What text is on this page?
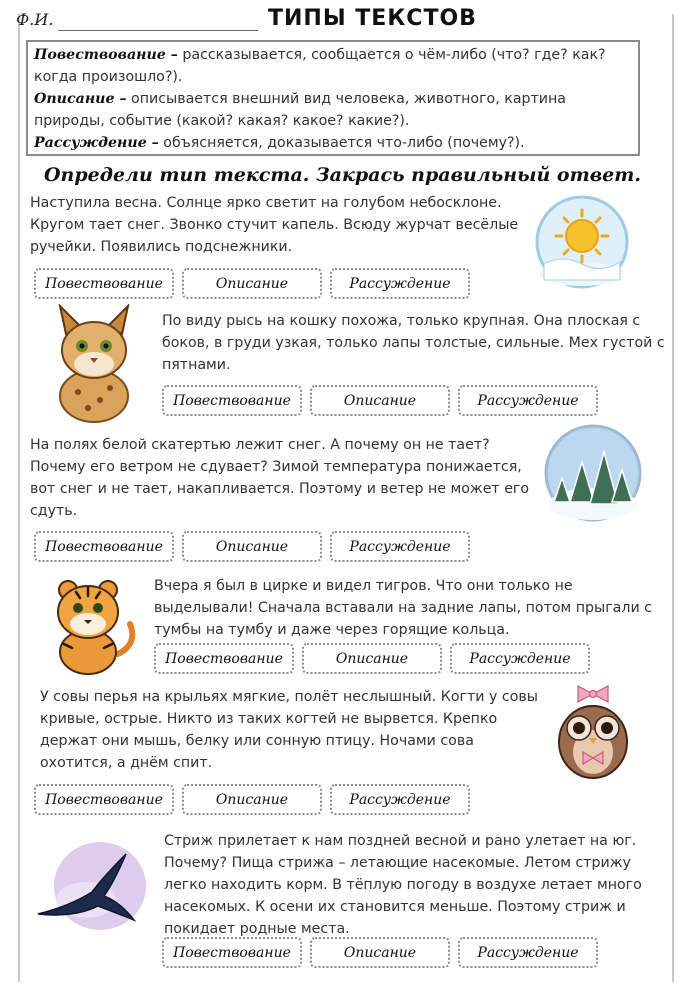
Ф.И.	ТИПЫ ТЕКСТОВ
Повествование – рассказывается, сообщается о чём-либо (что? где? как? когда произошло?).
Описание – описывается внешний вид человека, животного, картина природы, событие (какой? какая? какое? какие?).
Рассуждение – объясняется, доказывается что-либо (почему?).
Определи тип текста. Закрась правильный ответ.
Наступила весна. Солнце ярко светит на голубом небосклоне. Кругом тает снег. Звонко стучит капель. Всюду журчат весёлые ручейки. Появились подснежники.
Повествование	Описание	Рассуждение
По виду рысь на кошку похожа, только крупная. Она плоская с боков, в груди узкая, только лапы толстые, сильные. Мех густой с пятнами.
Повествование	Описание	Рассуждение
На полях белой скатертью лежит снег. А почему он не тает? Почему его ветром не сдувает? Зимой температура понижается, вот снег и не тает, накапливается. Поэтому и ветер не может его сдуть.
Повествование	Описание	Рассуждение
Вчера я был в цирке и видел тигров. Что они только не выделывали! Сначала вставали на задние лапы, потом прыгали с тумбы на тумбу и даже через горящие кольца.
Повествование	Описание	Рассуждение
У совы перья на крыльях мягкие, полёт неслышный. Когти у совы кривые, острые. Никто из таких когтей не вырвется. Крепко держат они мышь, белку или сонную птицу. Ночами сова охотится, а днём спит.
Повествование	Описание	Рассуждение
Стриж прилетает к нам поздней весной и рано улетает на юг. Почему? Пища стрижа – летающие насекомые. Летом стрижу легко находить корм. В тёплую погоду в воздухе летает много насекомых. К осени их становится меньше. Поэтому стриж и покидает родные места.
Повествование	Описание	Рассуждение
